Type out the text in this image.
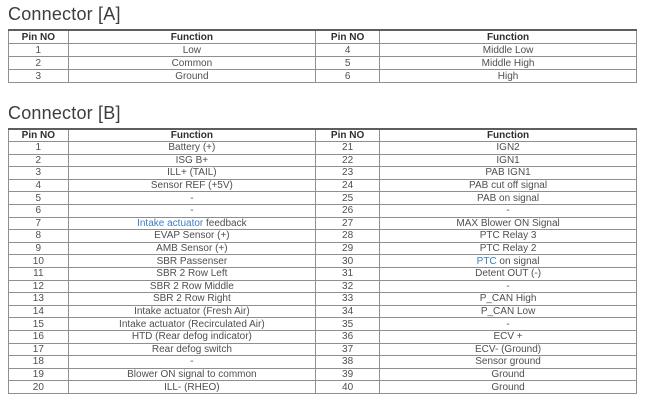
Connector [A]
Pin NO	Function	Pin NO	Function
1	Low	4	Middle Low
2	Common	5	Middle High
3	Ground	6	High
Connector [B]
Pin NO	Function	Pin NO	Function
1	Battery (+)	21	IGN2
2	ISG B+	22	IGN1
3	ILL+ (TAIL)	23	PAB IGN1
4	Sensor REF (+5V)	24	PAB cut off signal
5	-	25	PAB on signal
6	-	26	-
7	Intake actuator feedback	27	MAX Blower ON Signal
8	EVAP Sensor (+)	28	PTC Relay 3
9	AMB Sensor (+)	29	PTC Relay 2
10	SBR Passenser	30	PTC on signal
11	SBR 2 Row Left	31	Detent OUT (-)
12	SBR 2 Row Middle	32	-
13	SBR 2 Row Right	33	P_CAN High
14	Intake actuator (Fresh Air)	34	P_CAN Low
15	Intake actuator (Recirculated Air)	35	-
16	HTD (Rear defog indicator)	36	ECV +
17	Rear defog switch	37	ECV- (Ground)
18	-	38	Sensor ground
19	Blower ON signal to common	39	Ground
20	ILL- (RHEO)	40	Ground
